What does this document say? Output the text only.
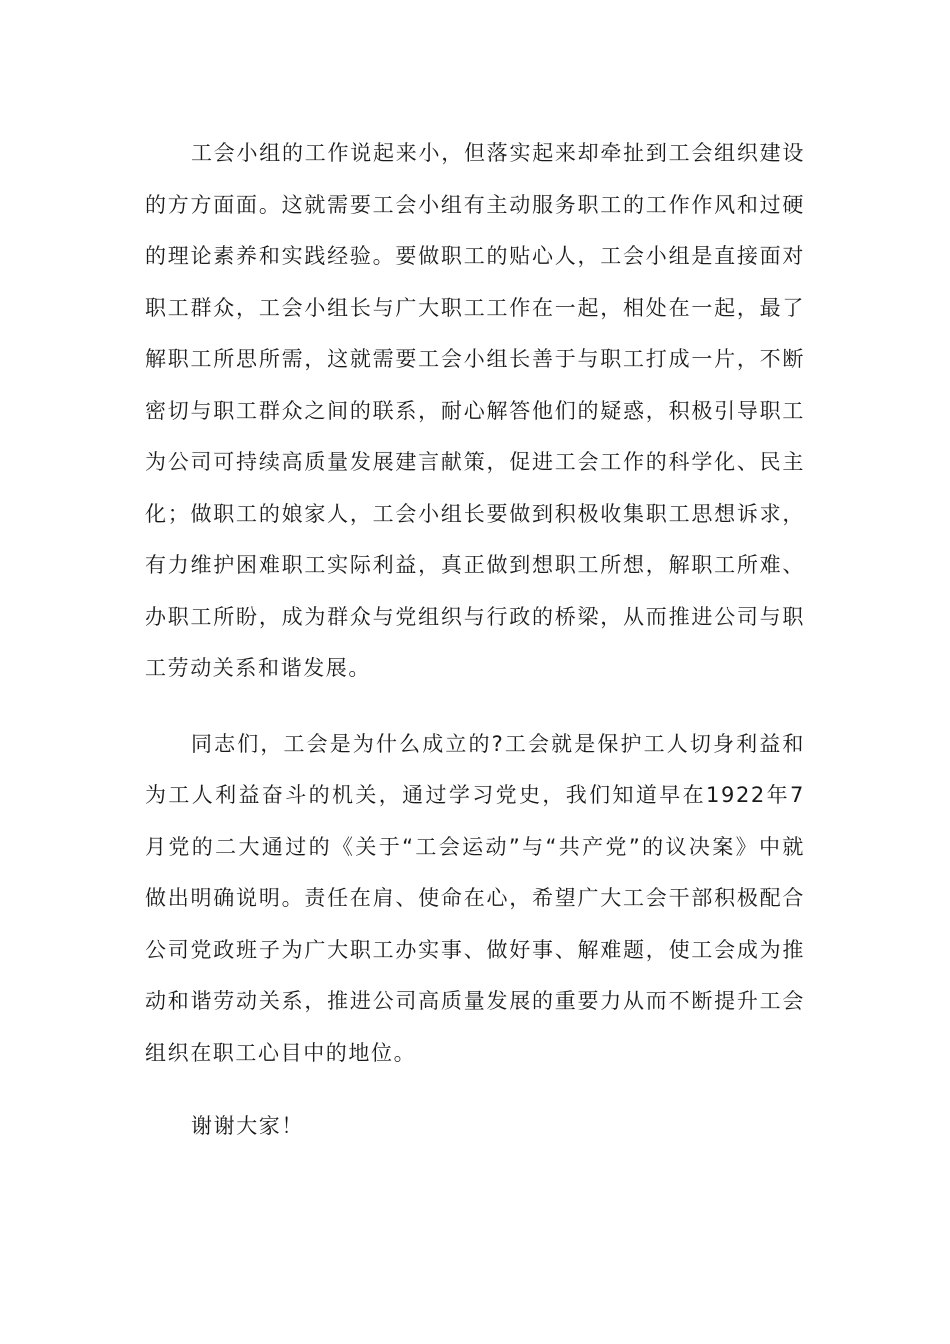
工会小组的工作说起来小，但落实起来却牵扯到工会组织建设的方方面面。这就需要工会小组有主动服务职工的工作作风和过硬的理论素养和实践经验。要做职工的贴心人，工会小组是直接面对职工群众，工会小组长与广大职工工作在一起，相处在一起，最了解职工所思所需，这就需要工会小组长善于与职工打成一片，不断密切与职工群众之间的联系，耐心解答他们的疑惑，积极引导职工为公司可持续高质量发展建言献策，促进工会工作的科学化、民主化；做职工的娘家人，工会小组长要做到积极收集职工思想诉求，有力维护困难职工实际利益，真正做到想职工所想，解职工所难、办职工所盼，成为群众与党组织与行政的桥梁，从而推进公司与职工劳动关系和谐发展。

同志们，工会是为什么成立的?工会就是保护工人切身利益和为工人利益奋斗的机关，通过学习党史，我们知道早在1922年7月党的二大通过的《关于“工会运动”与“共产党”的议决案》中就做出明确说明。责任在肩、使命在心，希望广大工会干部积极配合公司党政班子为广大职工办实事、做好事、解难题，使工会成为推动和谐劳动关系，推进公司高质量发展的重要力从而不断提升工会组织在职工心目中的地位。

谢谢大家！
